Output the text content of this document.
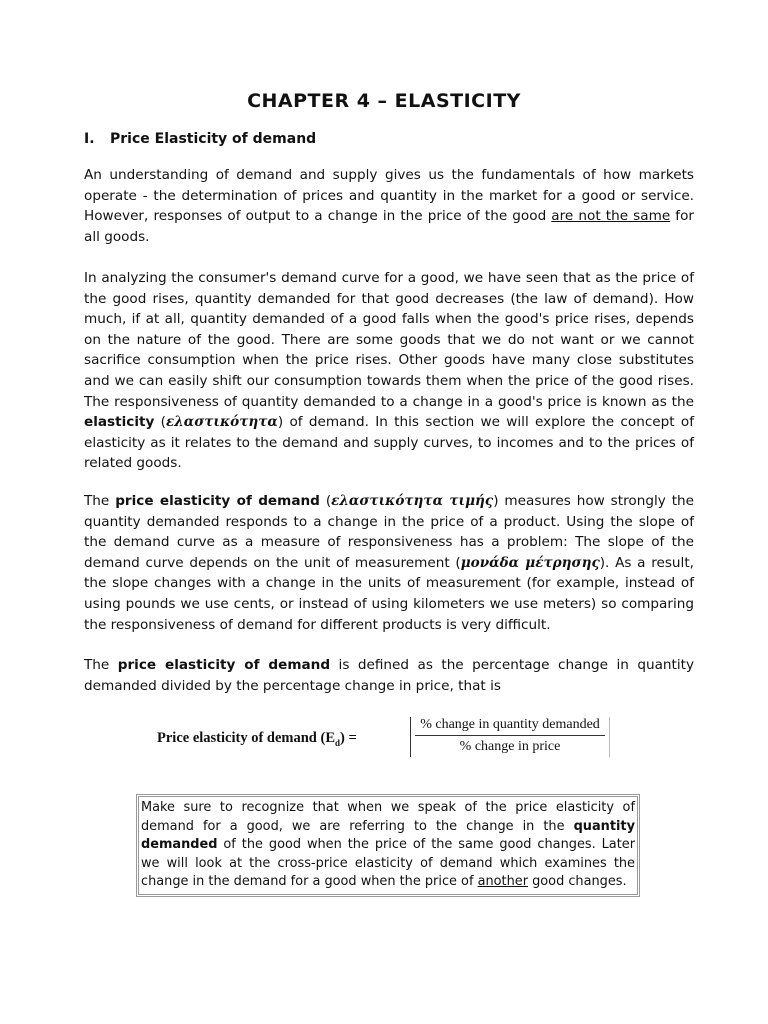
CHAPTER 4 – ELASTICITY
I. Price Elasticity of demand
An understanding of demand and supply gives us the fundamentals of how markets operate - the determination of prices and quantity in the market for a good or service. However, responses of output to a change in the price of the good are not the same for all goods.
In analyzing the consumer's demand curve for a good, we have seen that as the price of the good rises, quantity demanded for that good decreases (the law of demand). How much, if at all, quantity demanded of a good falls when the good's price rises, depends on the nature of the good. There are some goods that we do not want or we cannot sacrifice consumption when the price rises. Other goods have many close substitutes and we can easily shift our consumption towards them when the price of the good rises. The responsiveness of quantity demanded to a change in a good's price is known as the elasticity (ελαστικότητα) of demand. In this section we will explore the concept of elasticity as it relates to the demand and supply curves, to incomes and to the prices of related goods.
The price elasticity of demand (ελαστικότητα τιμής) measures how strongly the quantity demanded responds to a change in the price of a product. Using the slope of the demand curve as a measure of responsiveness has a problem: The slope of the demand curve depends on the unit of measurement (μονάδα μέτρησης). As a result, the slope changes with a change in the units of measurement (for example, instead of using pounds we use cents, or instead of using kilometers we use meters) so comparing the responsiveness of demand for different products is very difficult.
The price elasticity of demand is defined as the percentage change in quantity demanded divided by the percentage change in price, that is
Price elasticity of demand $(E_d)$ =
% change in quantity demanded
% change in price
Make sure to recognize that when we speak of the price elasticity of demand for a good, we are referring to the change in the quantity demanded of the good when the price of the same good changes. Later we will look at the cross-price elasticity of demand which examines the change in the demand for a good when the price of another good changes.
